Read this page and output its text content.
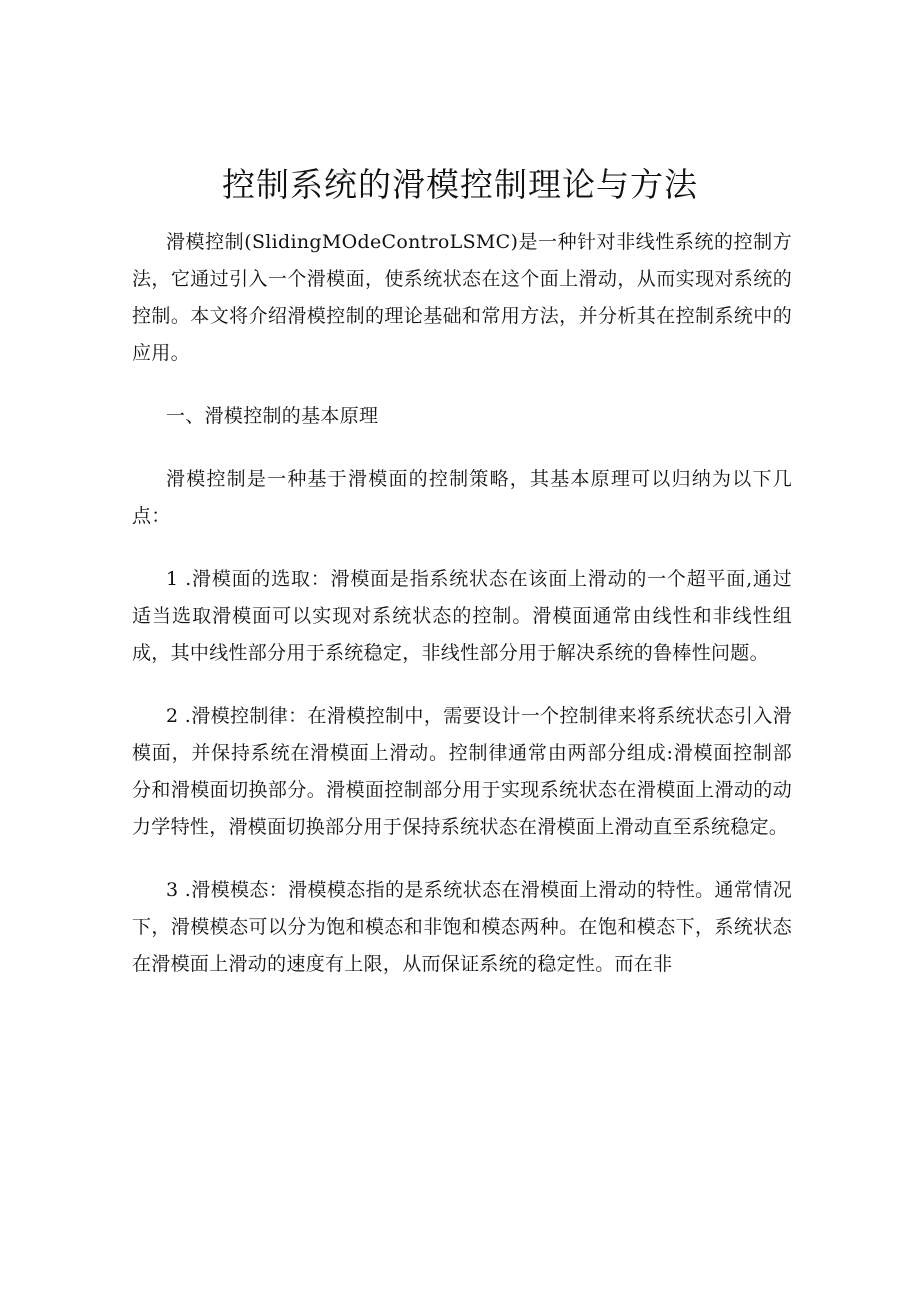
控制系统的滑模控制理论与方法

滑模控制(SlidingMOdeControLSMC)是一种针对非线性系统的控制方法，它通过引入一个滑模面，使系统状态在这个面上滑动，从而实现对系统的控制。本文将介绍滑模控制的理论基础和常用方法，并分析其在控制系统中的应用。

一、滑模控制的基本原理

滑模控制是一种基于滑模面的控制策略，其基本原理可以归纳为以下几点：

1 .滑模面的选取：滑模面是指系统状态在该面上滑动的一个超平面,通过适当选取滑模面可以实现对系统状态的控制。滑模面通常由线性和非线性组成，其中线性部分用于系统稳定，非线性部分用于解决系统的鲁棒性问题。

2 .滑模控制律：在滑模控制中，需要设计一个控制律来将系统状态引入滑模面，并保持系统在滑模面上滑动。控制律通常由两部分组成:滑模面控制部分和滑模面切换部分。滑模面控制部分用于实现系统状态在滑模面上滑动的动力学特性，滑模面切换部分用于保持系统状态在滑模面上滑动直至系统稳定。

3 .滑模模态：滑模模态指的是系统状态在滑模面上滑动的特性。通常情况下，滑模模态可以分为饱和模态和非饱和模态两种。在饱和模态下，系统状态在滑模面上滑动的速度有上限，从而保证系统的稳定性。而在非
